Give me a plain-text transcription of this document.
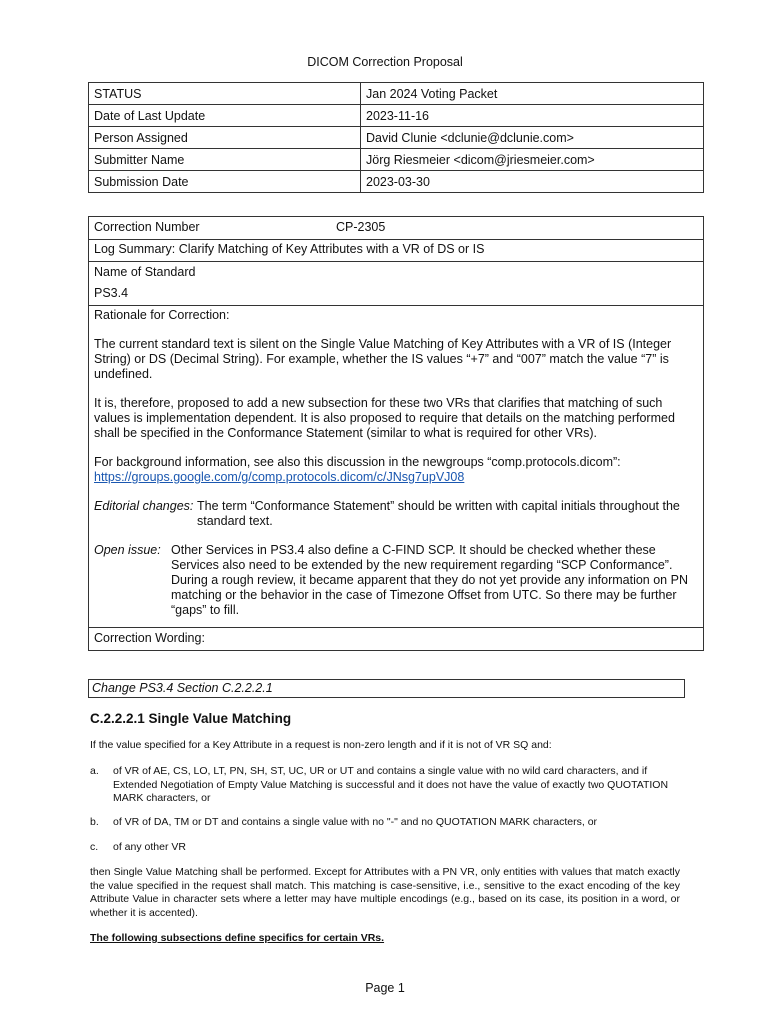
DICOM Correction Proposal
STATUS	Jan 2024 Voting Packet
Date of Last Update	2023-11-16
Person Assigned	David Clunie <dclunie@dclunie.com>
Submitter Name	Jörg Riesmeier <dicom@jriesmeier.com>
Submission Date	2023-03-30
Correction Number	CP-2305
Log Summary: Clarify Matching of Key Attributes with a VR of DS or IS
Name of Standard
PS3.4

Rationale for Correction:

The current standard text is silent on the Single Value Matching of Key Attributes with a VR of IS (Integer String) or DS (Decimal String). For example, whether the IS values “+7” and “007” match the value “7” is undefined.

It is, therefore, proposed to add a new subsection for these two VRs that clarifies that matching of such values is implementation dependent. It is also proposed to require that details on the matching performed shall be specified in the Conformance Statement (similar to what is required for other VRs).

For background information, see also this discussion in the newgroups “comp.protocols.dicom”:

https://groups.google.com/g/comp.protocols.dicom/c/JNsg7upVJ08

Editorial changes: The term “Conformance Statement” should be written with capital initials throughout the standard text.
Open issue: Other Services in PS3.4 also define a C-FIND SCP. It should be checked whether these Services also need to be extended by the new requirement regarding “SCP Conformance”. During a rough review, it became apparent that they do not yet provide any information on PN matching or the behavior in the case of Timezone Offset from UTC. So there may be further “gaps” to fill.
Correction Wording:
Change PS3.4 Section C.2.2.2.1
C.2.2.2.1 Single Value Matching
If the value specified for a Key Attribute in a request is non-zero length and if it is not of VR SQ and:
a.	of VR of AE, CS, LO, LT, PN, SH, ST, UC, UR or UT and contains a single value with no wild card characters, and if Extended Negotiation of Empty Value Matching is successful and it does not have the value of exactly two QUOTATION MARK characters, or
b.	of VR of DA, TM or DT and contains a single value with no "-" and no QUOTATION MARK characters, or
c.	of any other VR
then Single Value Matching shall be performed. Except for Attributes with a PN VR, only entities with values that match exactly the value specified in the request shall match. This matching is case-sensitive, i.e., sensitive to the exact encoding of the key Attribute Value in character sets where a letter may have multiple encodings (e.g., based on its case, its position in a word, or whether it is accented).
The following subsections define specifics for certain VRs.
Page 1
